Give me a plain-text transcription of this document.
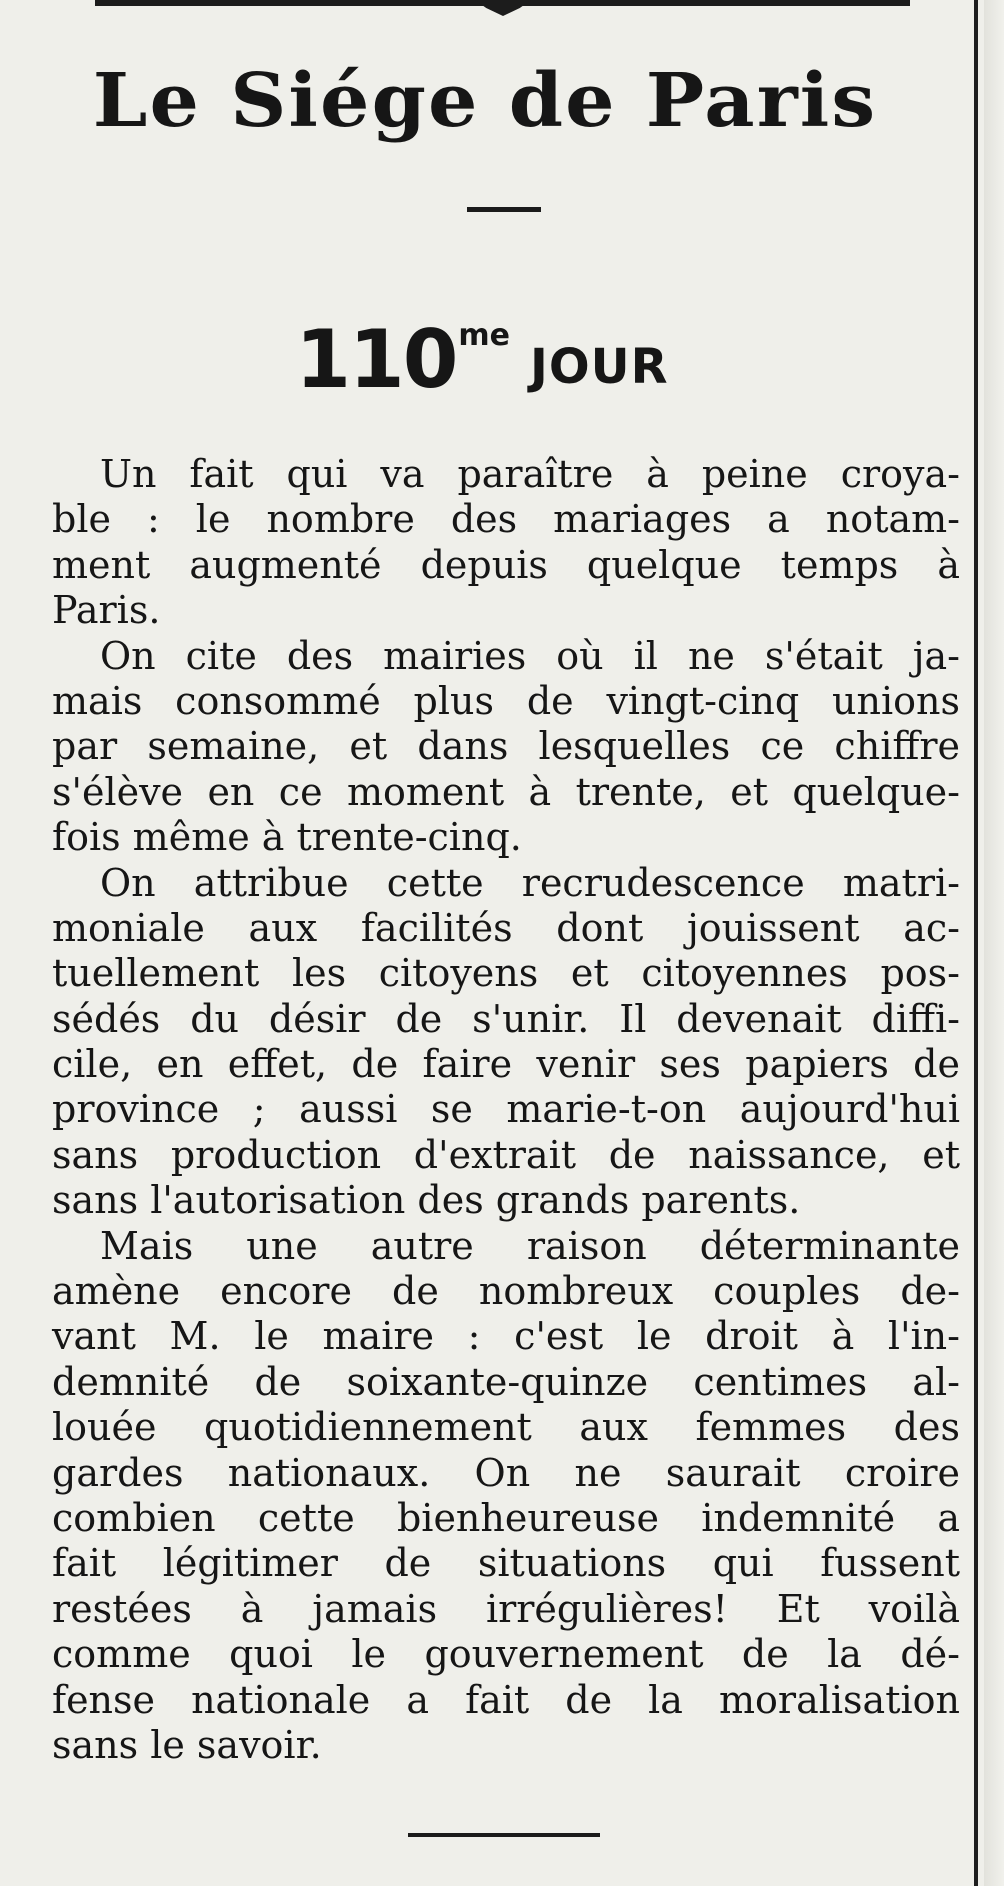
Le Siége de Paris
110meJOUR
Un fait qui va paraître à peine croya-
ble : le nombre des mariages a notam-
ment augmenté depuis quelque temps à
Paris.
On cite des mairies où il ne s'était ja-
mais consommé plus de vingt-cinq unions
par semaine, et dans lesquelles ce chiffre
s'élève en ce moment à trente, et quelque-
fois même à trente-cinq.
On attribue cette recrudescence matri-
moniale aux facilités dont jouissent ac-
tuellement les citoyens et citoyennes pos-
sédés du désir de s'unir. Il devenait diffi-
cile, en effet, de faire venir ses papiers de
province ; aussi se marie-t-on aujourd'hui
sans production d'extrait de naissance, et
sans l'autorisation des grands parents.
Mais une autre raison déterminante
amène encore de nombreux couples de-
vant M. le maire : c'est le droit à l'in-
demnité de soixante-quinze centimes al-
louée quotidiennement aux femmes des
gardes nationaux. On ne saurait croire
combien cette bienheureuse indemnité a
fait légitimer de situations qui fussent
restées à jamais irrégulières! Et voilà
comme quoi le gouvernement de la dé-
fense nationale a fait de la moralisation
sans le savoir.
